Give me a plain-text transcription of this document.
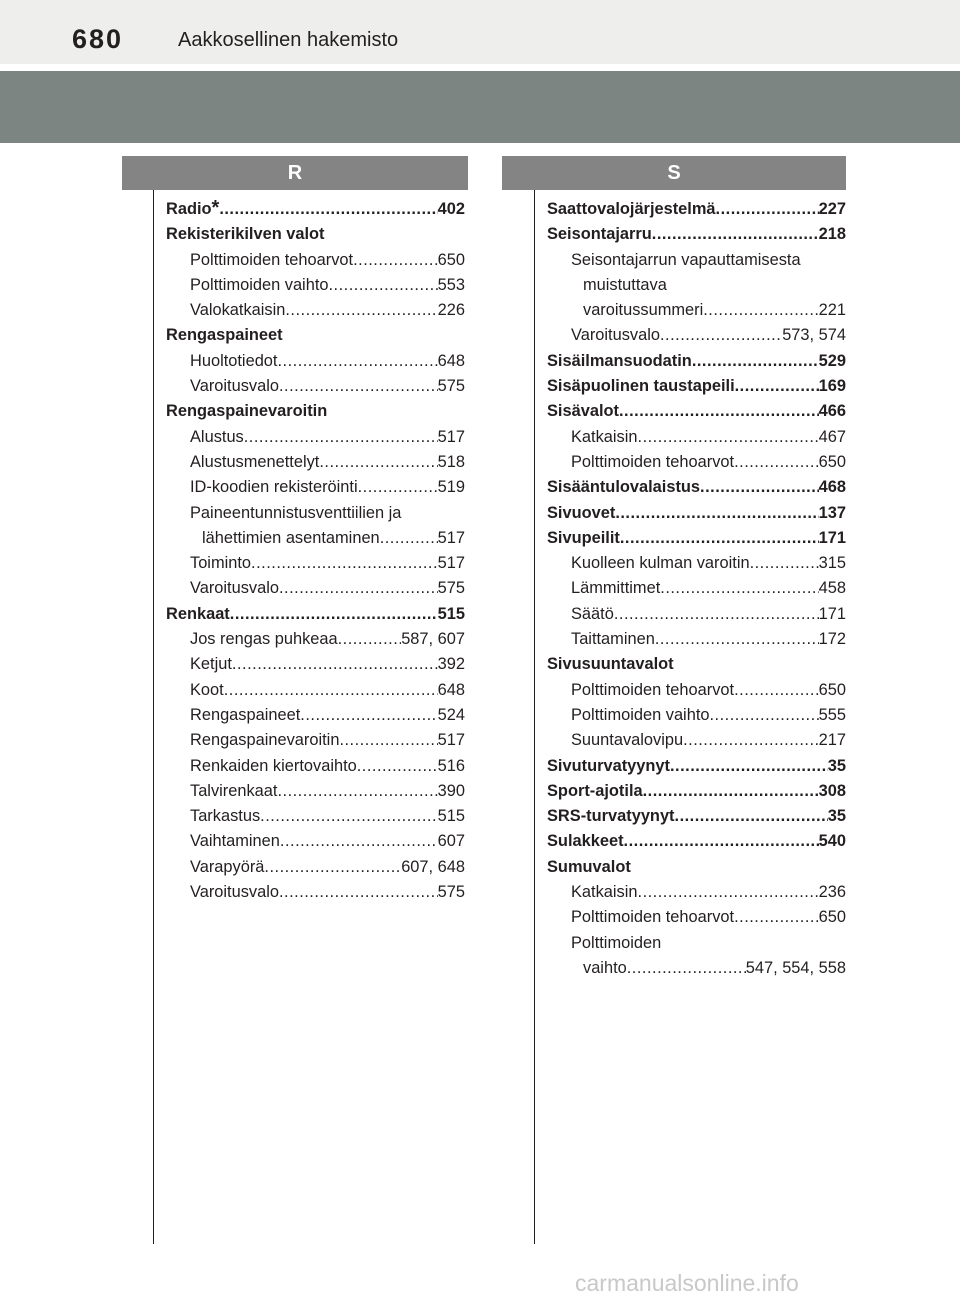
680	Aakkosellinen hakemisto
R	S
Radio * .....	402
Rekisterikilven valot
Polttimoiden tehoarvot .....	650
Polttimoiden vaihto .....	553
Valokatkaisin .....	226
Rengaspaineet
Huoltotiedot .....	648
Varoitusvalo .....	575
Rengaspainevaroitin
Alustus .....	517
Alustusmenettelyt .....	518
ID-koodien rekisteröinti .....	519
Paineentunnistusventtiilien ja
lähettimien asentaminen .....	517
Toiminto .....	517
Varoitusvalo .....	575
Renkaat .....	515
Jos rengas puhkeaa .....	587, 607
Ketjut .....	392
Koot .....	648
Rengaspaineet .....	524
Rengaspainevaroitin .....	517
Renkaiden kiertovaihto .....	516
Talvirenkaat .....	390
Tarkastus .....	515
Vaihtaminen .....	607
Varapyörä .....	607, 648
Varoitusvalo .....	575
Saattovalojärjestelmä .....	227
Seisontajarru .....	218
Seisontajarrun vapauttamisesta
muistuttava
varoitussummeri .....	221
Varoitusvalo .....	573, 574
Sisäilmansuodatin .....	529
Sisäpuolinen taustapeili .....	169
Sisävalot .....	466
Katkaisin .....	467
Polttimoiden tehoarvot .....	650
Sisääntulovalaistus .....	468
Sivuovet .....	137
Sivupeilit .....	171
Kuolleen kulman varoitin .....	315
Lämmittimet .....	458
Säätö .....	171
Taittaminen .....	172
Sivusuuntavalot
Polttimoiden tehoarvot .....	650
Polttimoiden vaihto .....	555
Suuntavalovipu .....	217
Sivuturvatyynyt .....	35
Sport-ajotila .....	308
SRS-turvatyynyt .....	35
Sulakkeet .....	540
Sumuvalot
Katkaisin .....	236
Polttimoiden tehoarvot .....	650
Polttimoiden
vaihto .....	547, 554, 558
carmanualsonline.info
